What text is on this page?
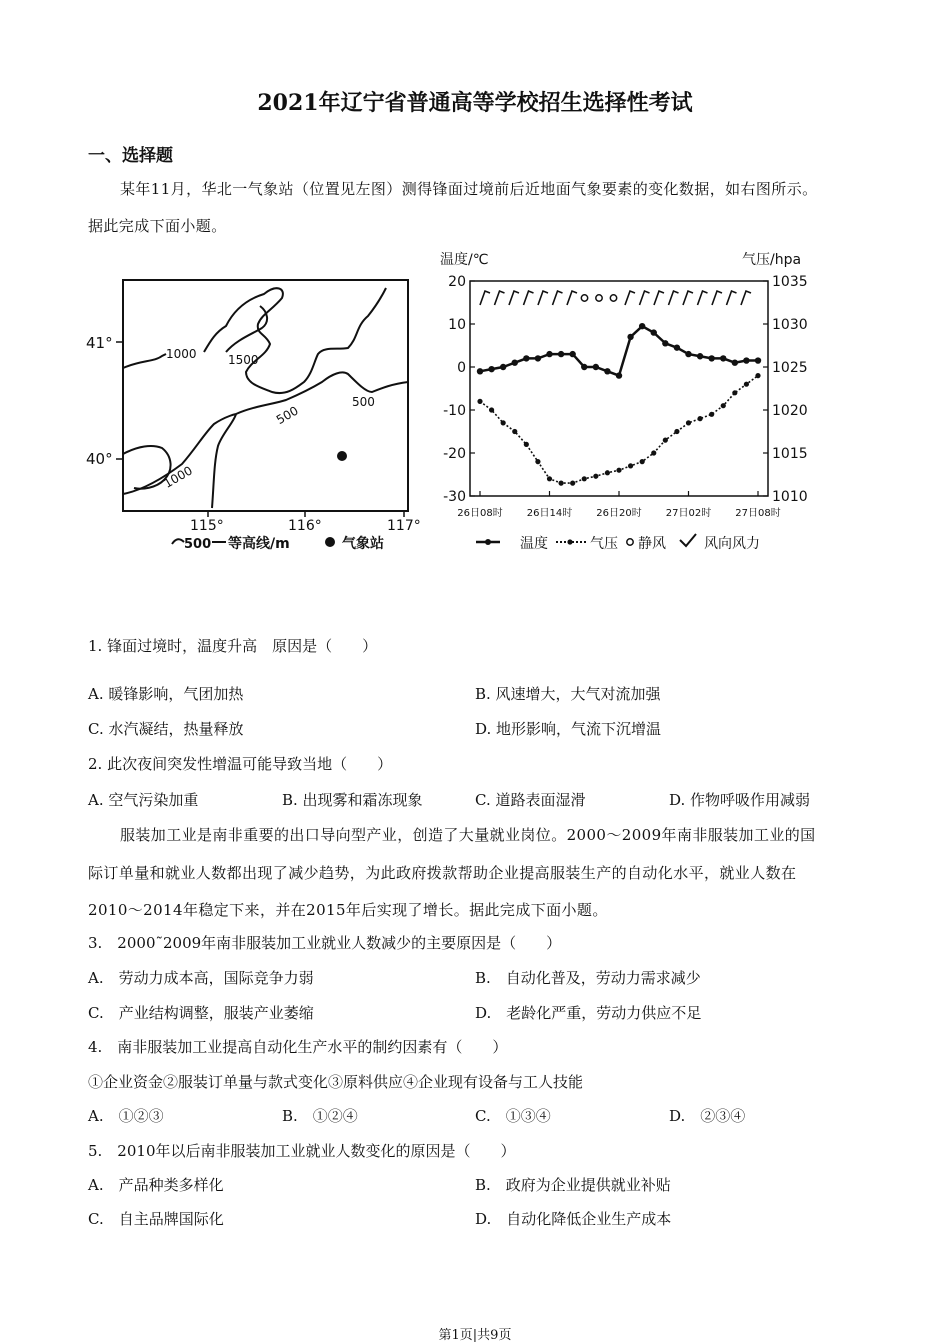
2021年辽宁省普通高等学校招生选择性考试
一、选择题
某年11月，华北一气象站（位置见左图）测得锋面过境前后近地面气象要素的变化数据，如右图所示。
据此完成下面小题。
41°
40°
115°	116°	117°
1000	1500
500
500
1000
500 等高线/m	气象站
温度/℃	气压/hpa
20
10
0
-10
-20
-30
1035
1030
1025
1020
1015
1010
26日08时 26日14时 26日20时 27日02时 27日08时
温度	气压 静风	风向风力
1. 锋面过境时，温度升高　原因是（　　）
A. 暖锋影响，气团加热	B. 风速增大，大气对流加强
C. 水汽凝结，热量释放	D. 地形影响，气流下沉增温
2. 此次夜间突发性增温可能导致当地（　　）
A. 空气污染加重	B. 出现雾和霜冻现象	C. 道路表面湿滑	D. 作物呼吸作用减弱
服装加工业是南非重要的出口导向型产业，创造了大量就业岗位。2000～2009年南非服装加工业的国
际订单量和就业人数都出现了减少趋势，为此政府拨款帮助企业提高服装生产的自动化水平，就业人数在
2010～2014年稳定下来，并在2015年后实现了增长。据此完成下面小题。
3.　2000˜2009年南非服装加工业就业人数减少的主要原因是（　　）
A.　劳动力成本高，国际竞争力弱	B.　自动化普及，劳动力需求减少
C.　产业结构调整，服装产业萎缩	D.　老龄化严重，劳动力供应不足
4.　南非服装加工业提高自动化生产水平的制约因素有（　　）
①企业资金②服装订单量与款式变化③原料供应④企业现有设备与工人技能
A.　①②③	B.　①②④	C.　①③④	D.　②③④
5.　2010年以后南非服装加工业就业人数变化的原因是（　　）
A.　产品种类多样化	B.　政府为企业提供就业补贴
C.　自主品牌国际化	D.　自动化降低企业生产成本
第1页|共9页
